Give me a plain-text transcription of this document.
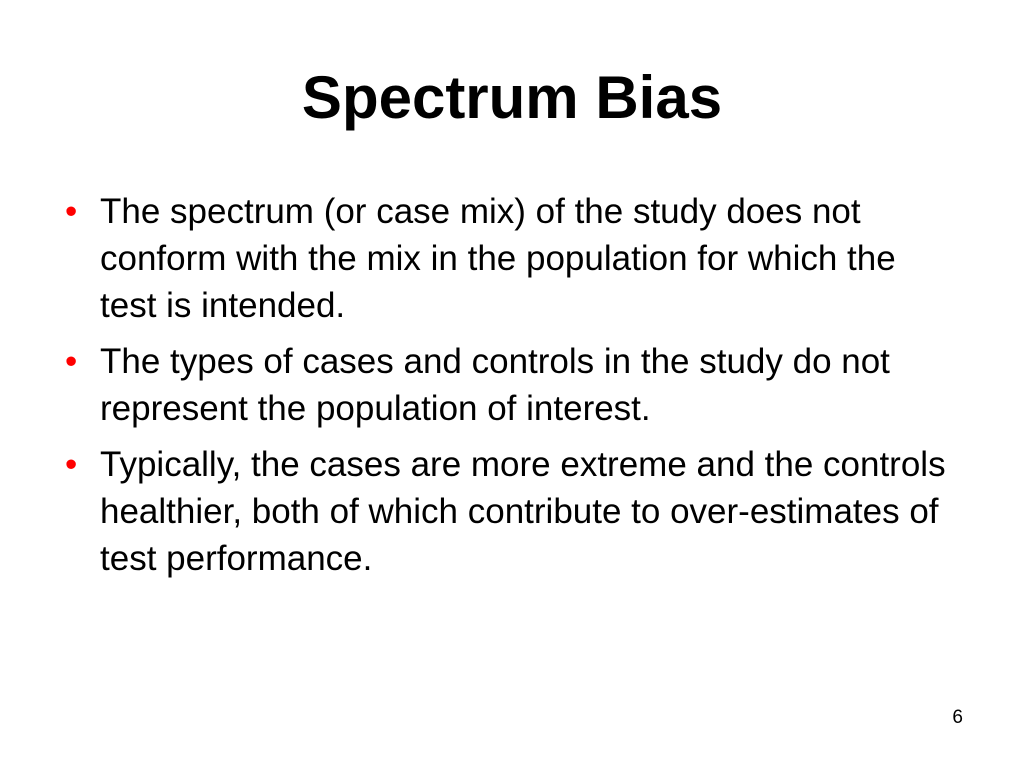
Spectrum Bias
• The spectrum (or case mix) of the study does not conform with the mix in the population for which the test is intended.
• The types of cases and controls in the study do not represent the population of interest.
• Typically, the cases are more extreme and the controls healthier, both of which contribute to over-estimates of test performance.
6
